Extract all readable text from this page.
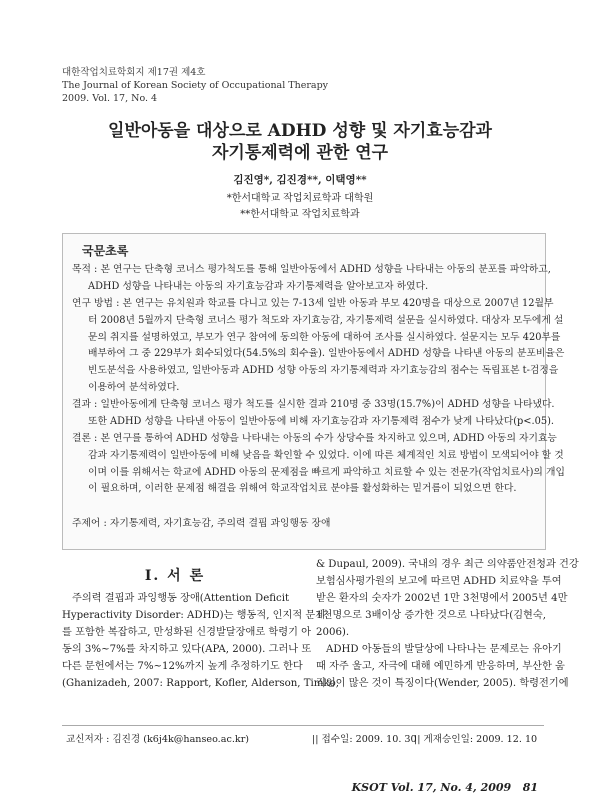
대한작업치료학회지 제17권 제4호
The Journal of Korean Society of Occupational Therapy
2009. Vol. 17, No. 4
일반아동을 대상으로 ADHD 성향 및 자기효능감과
자기통제력에 관한 연구
김진영*, 김진경**, 이택영**
*한서대학교 작업치료학과 대학원
**한서대학교 작업치료학과
국문초록
목적 : 본 연구는 단축형 코너스 평가척도를 통해 일반아동에서 ADHD 성향을 나타내는 아동의 분포를 파악하고,
ADHD 성향을 나타내는 아동의 자기효능감과 자기통제력을 알아보고자 하였다.
연구 방법 : 본 연구는 유치원과 학교를 다니고 있는 7-13세 일반 아동과 부모 420명을 대상으로 2007년 12월부
터 2008년 5월까지 단축형 코너스 평가 척도와 자기효능감, 자기통제력 설문을 실시하였다. 대상자 모두에게 설
문의 취지를 설명하였고, 부모가 연구 참여에 동의한 아동에 대하여 조사를 실시하였다. 설문지는 모두 420부를
배부하여 그 중 229부가 회수되었다(54.5%의 회수율). 일반아동에서 ADHD 성향을 나타낸 아동의 분포비율은
빈도분석을 사용하였고, 일반아동과 ADHD 성향 아동의 자기통제력과 자기효능감의 점수는 독립표본 t-검정을
이용하여 분석하였다.
결과 : 일반아동에게 단축형 코너스 평가 척도를 실시한 결과 210명 중 33명(15.7%)이 ADHD 성향을 나타냈다.
또한 ADHD 성향을 나타낸 아동이 일반아동에 비해 자기효능감과 자기통제력 점수가 낮게 나타났다(p<.05).
결론 : 본 연구를 통하여 ADHD 성향을 나타내는 아동의 수가 상당수를 차지하고 있으며, ADHD 아동의 자기효능
감과 자기통제력이 일반아동에 비해 낮음을 확인할 수 있었다. 이에 따른 체계적인 치료 방법이 모색되어야 할 것
이며 이를 위해서는 학교에 ADHD 아동의 문제점을 빠르게 파악하고 치료할 수 있는 전문가(작업치료사)의 개입
이 필요하며, 이러한 문제점 해결을 위해여 학교작업치료 분야를 활성화하는 밑거름이 되었으면 한다.
주제어 : 자기통제력, 자기효능감, 주의력 결핍 과잉행동 장애
Ⅰ. 서 론
주의력 결핍과 과잉행동 장애(Attention Deficit
Hyperactivity Disorder: ADHD)는 행동적, 인지적 문제
를 포함한 복잡하고, 만성화된 신경발달장애로 학령기 아
동의 3%~7%를 차지하고 있다(APA, 2000). 그러나 또
다른 문헌에서는 7%~12%까지 높게 추정하기도 한다
(Ghanizadeh, 2007: Rapport, Kofler, Alderson, Timko,
& Dupaul, 2009). 국내의 경우 최근 의약품안전청과 건강
보험심사평가원의 보고에 따르면 ADHD 치료약을 투여
받은 환자의 숫자가 2002년 1만 3천명에서 2005년 4만
1천명으로 3배이상 증가한 것으로 나타났다(김현숙,
2006).
ADHD 아동들의 발달상에 나타나는 문제로는 유아기
때 자주 울고, 자극에 대해 예민하게 반응하며, 부산한 움
직임이 많은 것이 특징이다(Wender, 2005). 학령전기에
교신저자 : 김진경 (k6j4k@hanseo.ac.kr)	|| 접수일: 2009. 10. 30
|| 게재승인일: 2009. 12. 10
KSOT Vol. 17, No. 4, 2009 81
